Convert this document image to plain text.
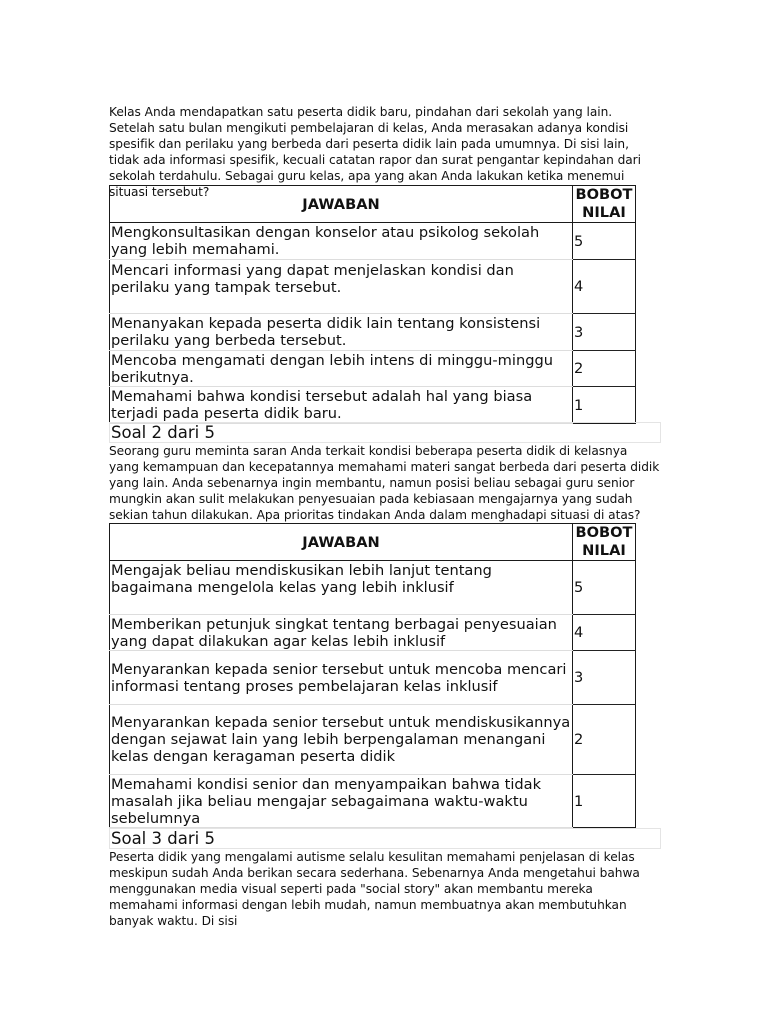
Kelas Anda mendapatkan satu peserta didik baru, pindahan dari sekolah yang lain. Setelah satu bulan mengikuti pembelajaran di kelas, Anda merasakan adanya kondisi spesifik dan perilaku yang berbeda dari peserta didik lain pada umumnya. Di sisi lain, tidak ada informasi spesifik, kecuali catatan rapor dan surat pengantar kepindahan dari sekolah terdahulu. Sebagai guru kelas, apa yang akan Anda lakukan ketika menemui situasi tersebut?

JAWABAN	BOBOT NILAI
Mengkonsultasikan dengan konselor atau psikolog sekolah yang lebih memahami.	5
Mencari informasi yang dapat menjelaskan kondisi dan perilaku yang tampak tersebut.	4
Menanyakan kepada peserta didik lain tentang konsistensi perilaku yang berbeda tersebut.	3
Mencoba mengamati dengan lebih intens di minggu-minggu berikutnya.	2
Memahami bahwa kondisi tersebut adalah hal yang biasa terjadi pada peserta didik baru.	1
Soal 2 dari 5

Seorang guru meminta saran Anda terkait kondisi beberapa peserta didik di kelasnya yang kemampuan dan kecepatannya memahami materi sangat berbeda dari peserta didik yang lain. Anda sebenarnya ingin membantu, namun posisi beliau sebagai guru senior mungkin akan sulit melakukan penyesuaian pada kebiasaan mengajarnya yang sudah sekian tahun dilakukan. Apa prioritas tindakan Anda dalam menghadapi situasi di atas?

JAWABAN	BOBOT NILAI
Mengajak beliau mendiskusikan lebih lanjut tentang bagaimana mengelola kelas yang lebih inklusif	5
Memberikan petunjuk singkat tentang berbagai penyesuaian yang dapat dilakukan agar kelas lebih inklusif	4
Menyarankan kepada senior tersebut untuk mencoba mencari informasi tentang proses pembelajaran kelas inklusif	3
Menyarankan kepada senior tersebut untuk mendiskusikannya dengan sejawat lain yang lebih berpengalaman menangani kelas dengan keragaman peserta didik	2
Memahami kondisi senior dan menyampaikan bahwa tidak masalah jika beliau mengajar sebagaimana waktu-waktu sebelumnya	1
Soal 3 dari 5

Peserta didik yang mengalami autisme selalu kesulitan memahami penjelasan di kelas meskipun sudah Anda berikan secara sederhana. Sebenarnya Anda mengetahui bahwa menggunakan media visual seperti pada "social story" akan membantu mereka memahami informasi dengan lebih mudah, namun membuatnya akan membutuhkan banyak waktu. Di sisi
